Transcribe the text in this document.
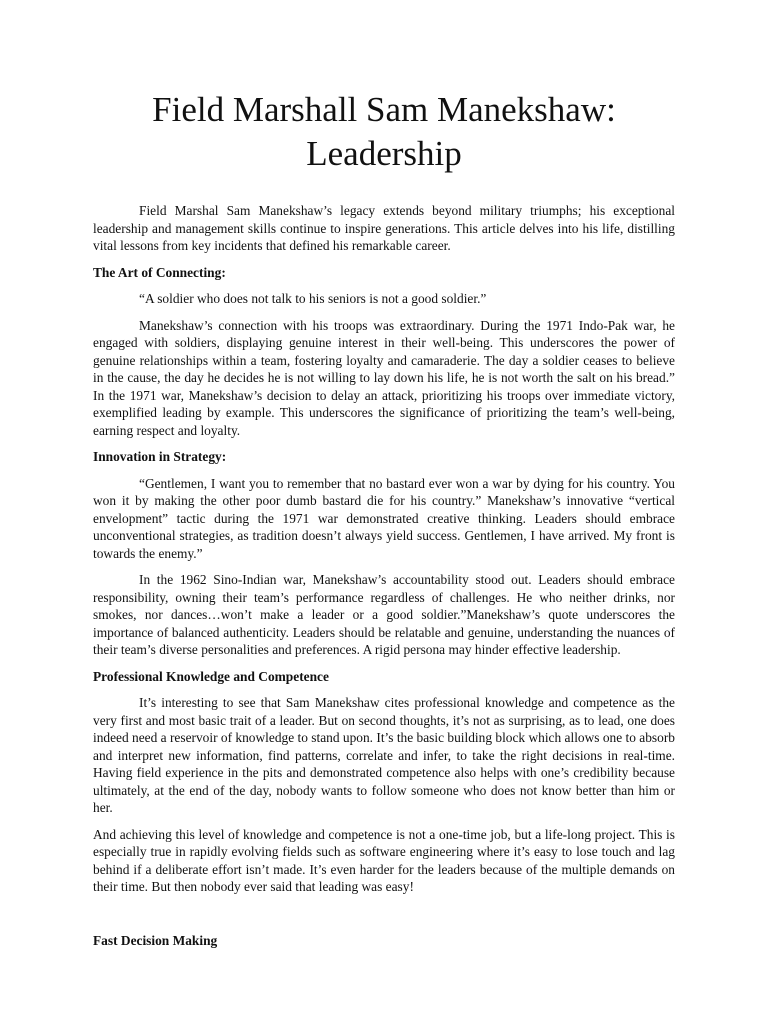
Field Marshall Sam Manekshaw:
Leadership

Field Marshal Sam Manekshaw’s legacy extends beyond military triumphs; his exceptional leadership and management skills continue to inspire generations. This article delves into his life, distilling vital lessons from key incidents that defined his remarkable career.

The Art of Connecting:

“A soldier who does not talk to his seniors is not a good soldier.”

Manekshaw’s connection with his troops was extraordinary. During the 1971 Indo-Pak war, he engaged with soldiers, displaying genuine interest in their well-being. This underscores the power of genuine relationships within a team, fostering loyalty and camaraderie. The day a soldier ceases to believe in the cause, the day he decides he is not willing to lay down his life, he is not worth the salt on his bread.” In the 1971 war, Manekshaw’s decision to delay an attack, prioritizing his troops over immediate victory, exemplified leading by example. This underscores the significance of prioritizing the team’s well-being, earning respect and loyalty.

Innovation in Strategy:

“Gentlemen, I want you to remember that no bastard ever won a war by dying for his country. You won it by making the other poor dumb bastard die for his country.” Manekshaw’s innovative “vertical envelopment” tactic during the 1971 war demonstrated creative thinking. Leaders should embrace unconventional strategies, as tradition doesn’t always yield success. Gentlemen, I have arrived. My front is towards the enemy.”

In the 1962 Sino-Indian war, Manekshaw’s accountability stood out. Leaders should embrace responsibility, owning their team’s performance regardless of challenges. He who neither drinks, nor smokes, nor dances…won’t make a leader or a good soldier.”Manekshaw’s quote underscores the importance of balanced authenticity. Leaders should be relatable and genuine, understanding the nuances of their team’s diverse personalities and preferences. A rigid persona may hinder effective leadership.

Professional Knowledge and Competence

It’s interesting to see that Sam Manekshaw cites professional knowledge and competence as the very first and most basic trait of a leader. But on second thoughts, it’s not as surprising, as to lead, one does indeed need a reservoir of knowledge to stand upon. It’s the basic building block which allows one to absorb and interpret new information, find patterns, correlate and infer, to take the right decisions in real-time. Having field experience in the pits and demonstrated competence also helps with one’s credibility because ultimately, at the end of the day, nobody wants to follow someone who does not know better than him or her.

And achieving this level of knowledge and competence is not a one-time job, but a life-long project. This is especially true in rapidly evolving fields such as software engineering where it’s easy to lose touch and lag behind if a deliberate effort isn’t made. It’s even harder for the leaders because of the multiple demands on their time. But then nobody ever said that leading was easy!

Fast Decision Making
